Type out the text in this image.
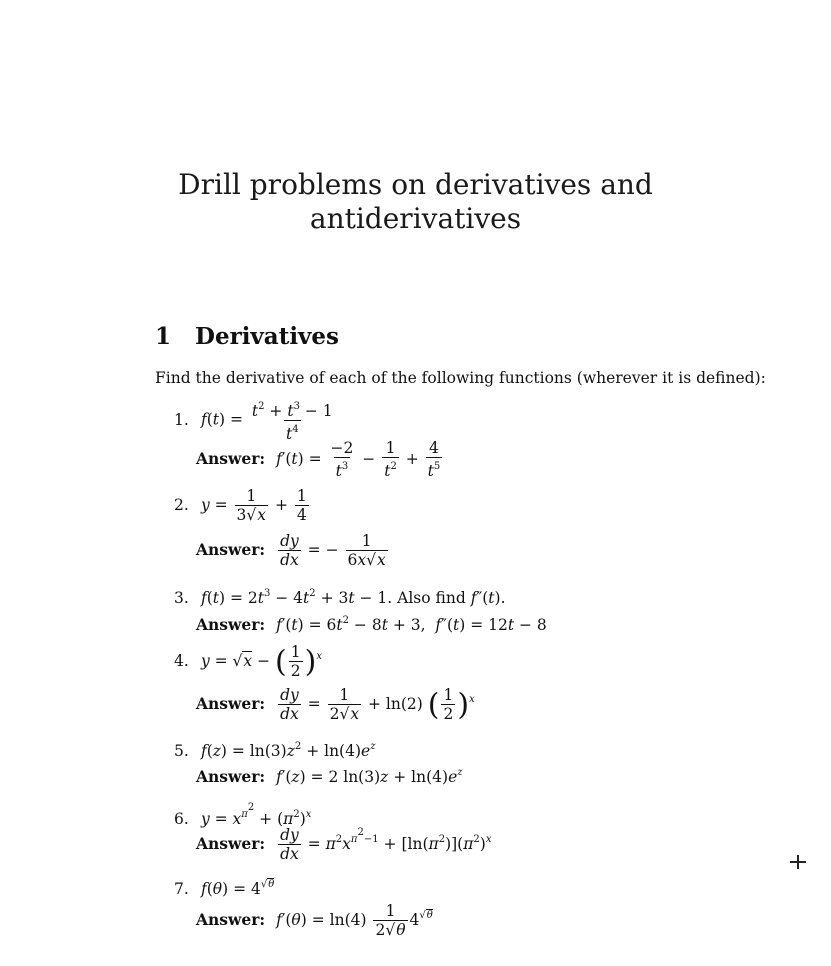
Drill problems on derivatives and
antiderivatives
1 Derivatives
Find the derivative of each of the following functions (wherever it is defined):
1. $f(t) = \frac{t^2 + t^3 - 1}{t^4}$
Answer: $f'(t) = \frac{-2}{t^3} - \frac{1}{t^2} + \frac{4}{t^5}$
2. $y = \frac{1}{3√x} + \frac{1}{4}$
Answer: $\frac{dy}{dx}$ = − $\frac{1}{6x√x}$
3. $f(t) = 2t^3 - 4t^2 + 3t - 1$. Also find f″(t).
Answer: $f'(t) = 6t^2 - 8t + 3$,  f″(t) = 12t − 8
4. y = √x − ( $\frac{1}{2} )^x$
Answer: $\frac{dy}{dx} = \frac{1}{2√x} + \ln(2)$ ( $\frac{1}{2} )^x$
5. $f(z) = \ln(3)z^2 + \ln(4)e^z$
Answer: f′(z) = 2 $\ln(3)z + \ln(4)e^z$
6. $y = x^{\pi^2} + (\pi^2)^x$
Answer: $\frac{dy}{dx} = \pi^2x^{\pi^2-1} + [\ln(\pi^2)](\pi^2)^x$
7. $f(\theta) = 4^{√\theta}$
Answer: $f'(\theta) = \ln(4) \frac{1}{2√\theta} 4^{√\theta}$
